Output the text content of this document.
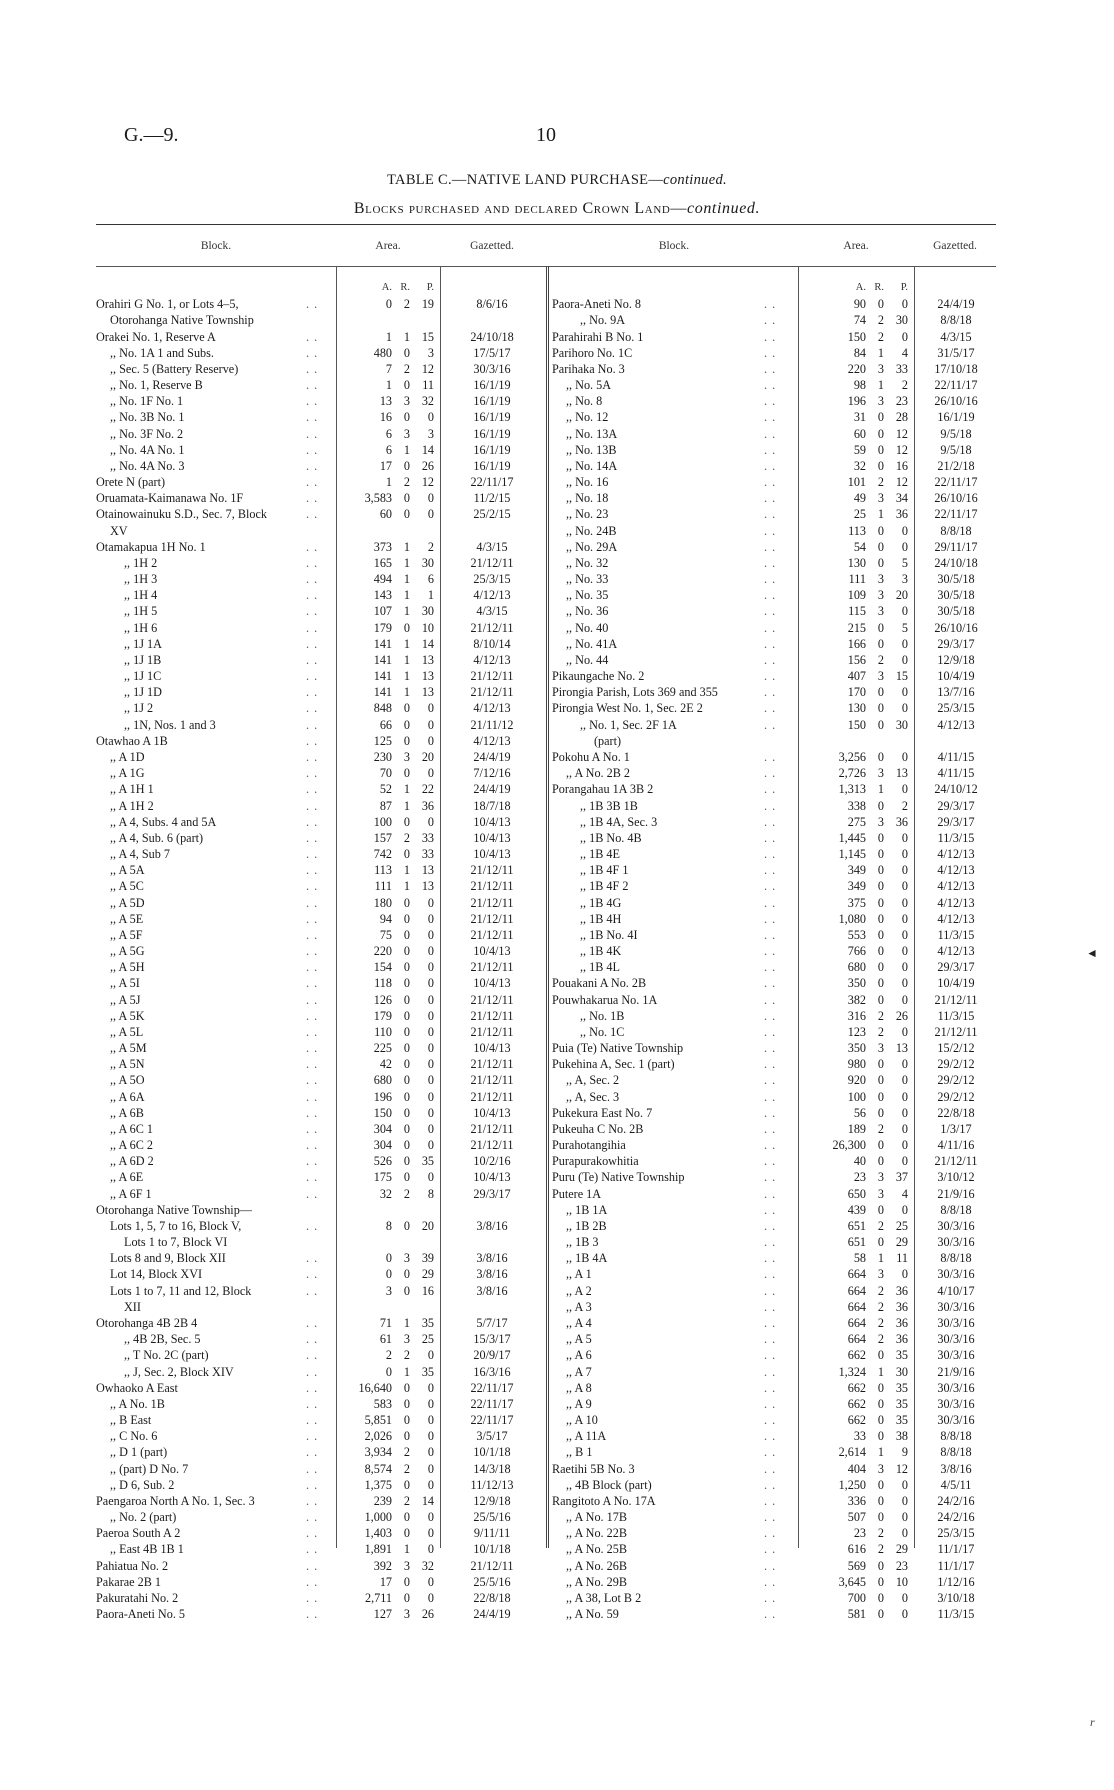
G.—9.	10
TABLE C.—NATIVE LAND PURCHASE—continued.
Blocks purchased and declared Crown Land—continued.
Block.	Area.	Gazetted.	Block.	Area.	Gazetted.
A. R.	P.
Orahiri G No. 1, or Lots 4–5,	. .	0 2 19	8/6/16
Otorohanga Native Township
Orakei No. 1, Reserve A	. .	1 1 15	24/10/18
,, No. 1A 1 and Subs.	. .	480 0	3	17/5/17
,, Sec. 5 (Battery Reserve)	. .	7 2 12	30/3/16
,, No. 1, Reserve B	. .	1 0	11	16/1/19
,, No. 1F No. 1	. .	13 3 32	16/1/19
,, No. 3B No. 1	. .	16 0	0	16/1/19
,, No. 3F No. 2	. .	6 3	3	16/1/19
,, No. 4A No. 1	. .	6 1 14	16/1/19
,, No. 4A No. 3	. .	17 0 26	16/1/19
Orete N (part)	. .	1 2 12	22/11/17
Oruamata-Kaimanawa No. 1F	. .	3,583 0	0	11/2/15
Otainowainuku S.D., Sec. 7, Block	. .	60 0	0	25/2/15
XV
Otamakapua 1H No. 1	. .	373 1	2	4/3/15
,, 1H 2	. .	165 1 30	21/12/11
,, 1H 3	. .	494 1	6	25/3/15
,, 1H 4	. .	143 1	1	4/12/13
,, 1H 5	. .	107 1 30	4/3/15
,, 1H 6	. .	179 0 10	21/12/11
,, 1J 1A	. .	141 1 14	8/10/14
,, 1J 1B	. .	141 1 13	4/12/13
,, 1J 1C	. .	141 1 13	21/12/11
,, 1J 1D	. .	141 1 13	21/12/11
,, 1J 2	. .	848 0	0	4/12/13
,, 1N, Nos. 1 and 3	. .	66 0	0	21/11/12
Otawhao A 1B	. .	125 0	0	4/12/13
,, A 1D	. .	230 3 20	24/4/19
,, A 1G	. .	70 0	0	7/12/16
,, A 1H 1	. .	52 1 22	24/4/19
,, A 1H 2	. .	87 1 36	18/7/18
,, A 4, Subs. 4 and 5A	. .	100 0	0	10/4/13
,, A 4, Sub. 6 (part)	. .	157 2 33	10/4/13
,, A 4, Sub 7	. .	742 0 33	10/4/13
,, A 5A	. .	113 1 13	21/12/11
,, A 5C	. .	111 1 13	21/12/11
,, A 5D	. .	180 0	0	21/12/11
,, A 5E	. .	94 0	0	21/12/11
,, A 5F	. .	75 0	0	21/12/11
,, A 5G	. .	220 0	0	10/4/13
,, A 5H	. .	154 0	0	21/12/11
,, A 5I	. .	118 0	0	10/4/13
,, A 5J	. .	126 0	0	21/12/11
,, A 5K	. .	179 0	0	21/12/11
,, A 5L	. .	110 0	0	21/12/11
,, A 5M	. .	225 0	0	10/4/13
,, A 5N	. .	42 0	0	21/12/11
,, A 5O	. .	680 0	0	21/12/11
,, A 6A	. .	196 0	0	21/12/11
,, A 6B	. .	150 0	0	10/4/13
,, A 6C 1	. .	304 0	0	21/12/11
,, A 6C 2	. .	304 0	0	21/12/11
,, A 6D 2	. .	526 0 35	10/2/16
,, A 6E	. .	175 0	0	10/4/13
,, A 6F 1	. .	32 2	8	29/3/17
Otorohanga Native Township—
Lots 1, 5, 7 to 16, Block V,	. .	8 0 20	3/8/16
Lots 1 to 7, Block VI
Lots 8 and 9, Block XII	. .	0 3 39	3/8/16
Lot 14, Block XVI	. .	0 0 29	3/8/16
Lots 1 to 7, 11 and 12, Block	. .	3 0 16	3/8/16
XII
Otorohanga 4B 2B 4	. .	71 1 35	5/7/17
,, 4B 2B, Sec. 5	. .	61 3 25	15/3/17
,, T No. 2C (part)	. .	2 2	0	20/9/17
,, J, Sec. 2, Block XIV	. .	0 1 35	16/3/16
Owhaoko A East	. .	16,640 0	0	22/11/17
,, A No. 1B	. .	583 0	0	22/11/17
,, B East	. .	5,851 0	0	22/11/17
,, C No. 6	. .	2,026 0	0	3/5/17
,, D 1 (part)	. .	3,934 2	0	10/1/18
,, (part) D No. 7	. .	8,574 2	0	14/3/18
,, D 6, Sub. 2	. .	1,375 0	0	11/12/13
Paengaroa North A No. 1, Sec. 3	. .	239 2 14	12/9/18
,, No. 2 (part)	. .	1,000 0	0	25/5/16
Paeroa South A 2	. .	1,403 0	0	9/11/11
,, East 4B 1B 1	. .	1,891 1	0	10/1/18
Pahiatua No. 2	. .	392 3 32	21/12/11
Pakarae 2B 1	. .	17 0	0	25/5/16
Pakuratahi No. 2	. .	2,711 0	0	22/8/18
Paora-Aneti No. 5	. .	127 3 26	24/4/19
A. R.	P.
Paora-Aneti No. 8	. .	90 0	0	24/4/19
,, No. 9A	. .	74 2 30	8/8/18
Parahirahi B No. 1	. .	150 2	0	4/3/15
Parihoro No. 1C	. .	84 1	4	31/5/17
Parihaka No. 3	. .	220 3 33	17/10/18
,, No. 5A	. .	98 1	2	22/11/17
,, No. 8	. .	196 3 23	26/10/16
,, No. 12	. .	31 0 28	16/1/19
,, No. 13A	. .	60 0 12	9/5/18
,, No. 13B	. .	59 0 12	9/5/18
,, No. 14A	. .	32 0 16	21/2/18
,, No. 16	. .	101 2 12	22/11/17
,, No. 18	. .	49 3 34	26/10/16
,, No. 23	. .	25 1 36	22/11/17
,, No. 24B	. .	113 0	0	8/8/18
,, No. 29A	. .	54 0	0	29/11/17
,, No. 32	. .	130 0	5	24/10/18
,, No. 33	. .	111 3	3	30/5/18
,, No. 35	. .	109 3 20	30/5/18
,, No. 36	. .	115 3	0	30/5/18
,, No. 40	. .	215 0	5	26/10/16
,, No. 41A	. .	166 0	0	29/3/17
,, No. 44	. .	156 2	0	12/9/18
Pikaungache No. 2	. .	407 3 15	10/4/19
Pirongia Parish, Lots 369 and 355	. .	170 0	0	13/7/16
Pirongia West No. 1, Sec. 2E 2	. .	130 0	0	25/3/15
,, No. 1, Sec. 2F 1A	. .	150 0 30	4/12/13
(part)
Pokohu A No. 1	. .	3,256 0	0	4/11/15
,, A No. 2B 2	. .	2,726 3 13	4/11/15
Porangahau 1A 3B 2	. .	1,313 1	0	24/10/12
,, 1B 3B 1B	. .	338 0	2	29/3/17
,, 1B 4A, Sec. 3	. .	275 3 36	29/3/17
,, 1B No. 4B	. .	1,445 0	0	11/3/15
,, 1B 4E	. .	1,145 0	0	4/12/13
,, 1B 4F 1	. .	349 0	0	4/12/13
,, 1B 4F 2	. .	349 0	0	4/12/13
,, 1B 4G	. .	375 0	0	4/12/13
,, 1B 4H	. .	1,080 0	0	4/12/13
,, 1B No. 4I	. .	553 0	0	11/3/15
,, 1B 4K	. .	766 0	0	4/12/13
,, 1B 4L	. .	680 0	0	29/3/17
Pouakani A No. 2B	. .	350 0	0	10/4/19
Pouwhakarua No. 1A	. .	382 0	0	21/12/11
,, No. 1B	. .	316 2 26	11/3/15
,, No. 1C	. .	123 2	0	21/12/11
Puia (Te) Native Township	. .	350 3 13	15/2/12
Pukehina A, Sec. 1 (part)	. .	980 0	0	29/2/12
,, A, Sec. 2	. .	920 0	0	29/2/12
,, A, Sec. 3	. .	100 0	0	29/2/12
Pukekura East No. 7	. .	56 0	0	22/8/18
Pukeuha C No. 2B	. .	189 2	0	1/3/17
Purahotangihia	. .	26,300 0	0	4/11/16
Purapurakowhitia	. .	40 0	0	21/12/11
Puru (Te) Native Township	. .	23 3 37	3/10/12
Putere 1A	. .	650 3	4	21/9/16
,, 1B 1A	. .	439 0	0	8/8/18
,, 1B 2B	. .	651 2 25	30/3/16
,, 1B 3	. .	651 0 29	30/3/16
,, 1B 4A	. .	58 1	11	8/8/18
,, A 1	. .	664 3	0	30/3/16
,, A 2	. .	664 2 36	4/10/17
,, A 3	. .	664 2 36	30/3/16
,, A 4	. .	664 2 36	30/3/16
,, A 5	. .	664 2 36	30/3/16
,, A 6	. .	662 0 35	30/3/16
,, A 7	. .	1,324 1 30	21/9/16
,, A 8	. .	662 0 35	30/3/16
,, A 9	. .	662 0 35	30/3/16
,, A 10	. .	662 0 35	30/3/16
,, A 11A	. .	33 0 38	8/8/18
,, B 1	. .	2,614 1	9	8/8/18
Raetihi 5B No. 3	. .	404 3 12	3/8/16
,, 4B Block (part)	. .	1,250 0	0	4/5/11
Rangitoto A No. 17A	. .	336 0	0	24/2/16
,, A No. 17B	. .	507 0	0	24/2/16
,, A No. 22B	. .	23 2	0	25/3/15
,, A No. 25B	. .	616 2 29	11/1/17
,, A No. 26B	. .	569 0 23	11/1/17
,, A No. 29B	. .	3,645 0 10	1/12/16
,, A 38, Lot B 2	. .	700 0	0	3/10/18
,, A No. 59	. .	581 0	0	11/3/15
◄
r
